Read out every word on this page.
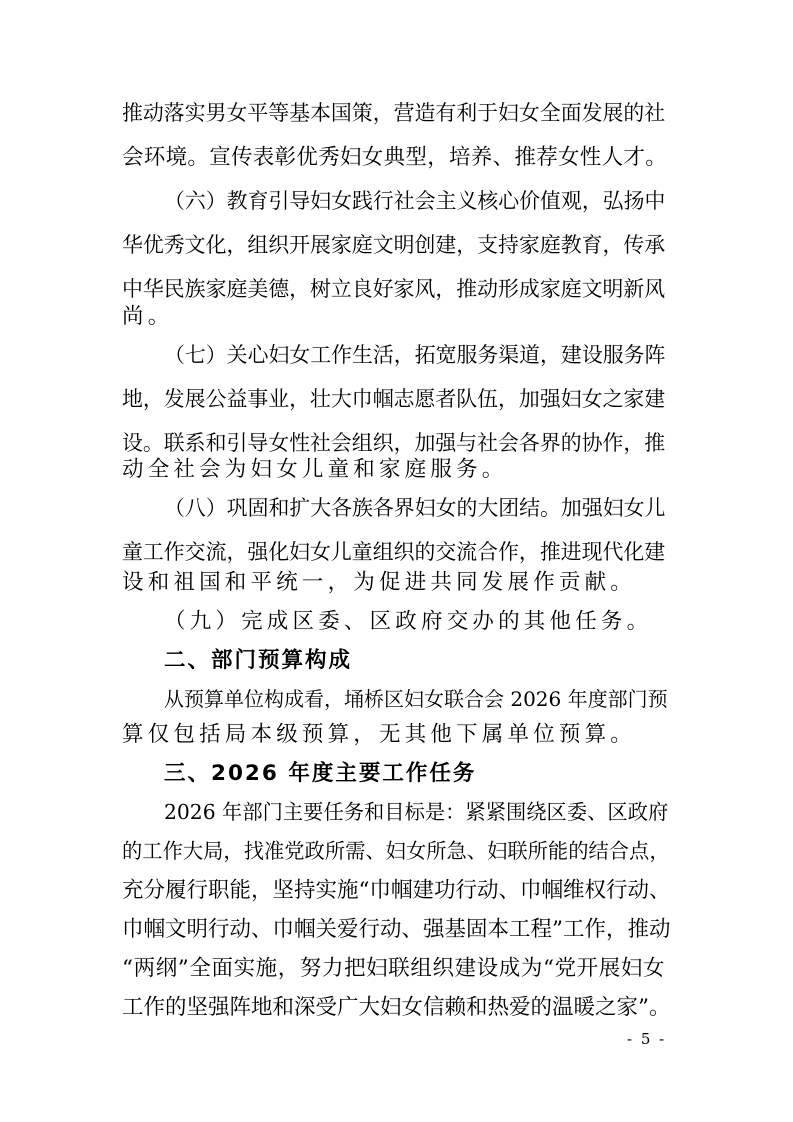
推动落实男女平等基本国策，营造有利于妇女全面发展的社
会环境。宣传表彰优秀妇女典型，培养、推荐女性人才。
（六）教育引导妇女践行社会主义核心价值观，弘扬中
华优秀文化，组织开展家庭文明创建，支持家庭教育，传承
中华民族家庭美德，树立良好家风，推动形成家庭文明新风
尚。
（七）关心妇女工作生活，拓宽服务渠道，建设服务阵
地，发展公益事业，壮大巾帼志愿者队伍，加强妇女之家建
设。联系和引导女性社会组织，加强与社会各界的协作，推
动全社会为妇女儿童和家庭服务。
（八）巩固和扩大各族各界妇女的大团结。加强妇女儿
童工作交流，强化妇女儿童组织的交流合作，推进现代化建
设和祖国和平统一，为促进共同发展作贡献。
（九）完成区委、区政府交办的其他任务。
二、部门预算构成
从预算单位构成看，埇桥区妇女联合会 2026 年度部门预
算仅包括局本级预算，无其他下属单位预算。
三、2026 年度主要工作任务
2026 年部门主要任务和目标是：紧紧围绕区委、区政府
的工作大局，找准党政所需、妇女所急、妇联所能的结合点，
充分履行职能，坚持实施“巾帼建功行动、巾帼维权行动、
巾帼文明行动、巾帼关爱行动、强基固本工程”工作，推动
“两纲”全面实施，努力把妇联组织建设成为“党开展妇女
工作的坚强阵地和深受广大妇女信赖和热爱的温暖之家”。
- 5 -
